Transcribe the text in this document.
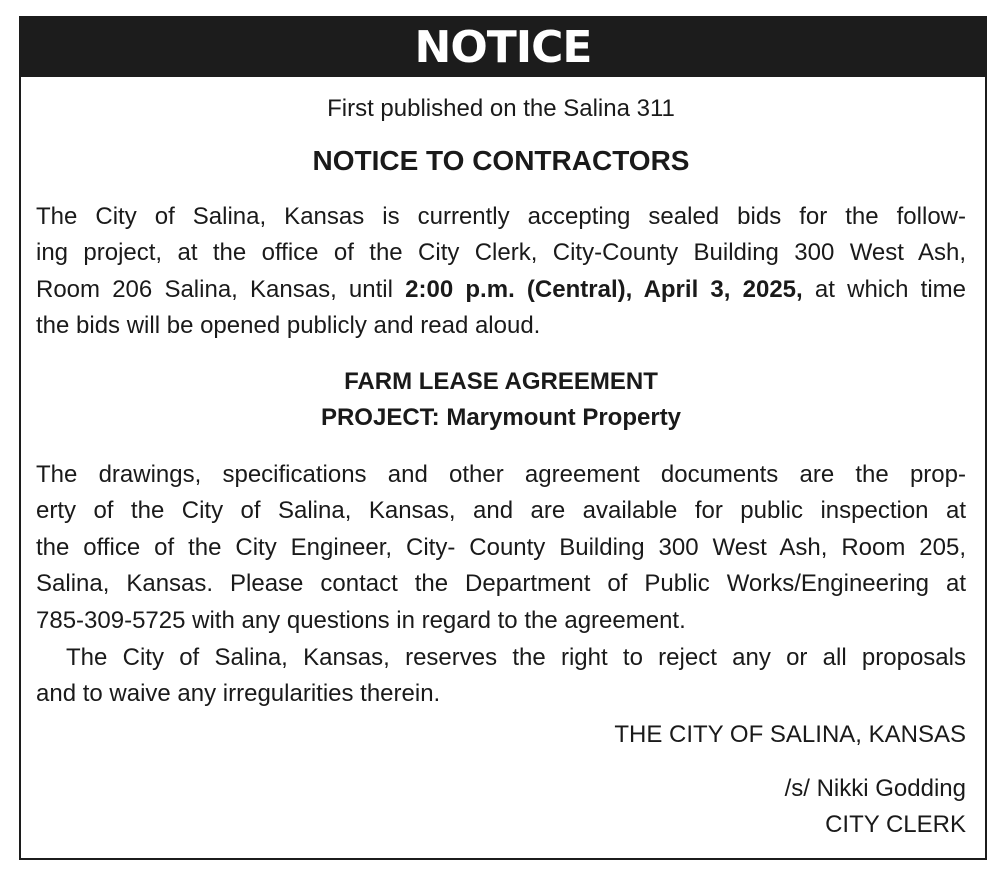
NOTICE
First published on the Salina 311
NOTICE TO CONTRACTORS
The City of Salina, Kansas is currently accepting sealed bids for the follow-
ing project, at the office of the City Clerk, City-County Building 300 West Ash,
Room 206 Salina, Kansas, until 2:00 p.m. (Central), April 3, 2025, at which time
the bids will be opened publicly and read aloud.
FARM LEASE AGREEMENT
PROJECT: Marymount Property
The drawings, specifications and other agreement documents are the prop-
erty of the City of Salina, Kansas, and are available for public inspection at
the office of the City Engineer, City- County Building 300 West Ash, Room 205,
Salina, Kansas. Please contact the Department of Public Works/Engineering at
785-309-5725 with any questions in regard to the agreement.
The City of Salina, Kansas, reserves the right to reject any or all proposals
and to waive any irregularities therein.
THE CITY OF SALINA, KANSAS
/s/ Nikki Godding
CITY CLERK
